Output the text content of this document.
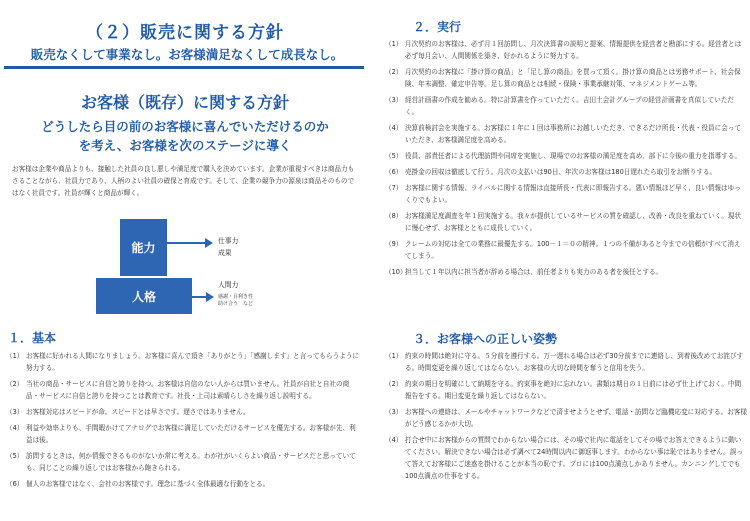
（２）販売に関する方針
販売なくして事業なし。お客様満足なくして成長なし。
お客様（既存）に関する方針
どうしたら目の前のお客様に喜んでいただけるのか
を考え、お客様を次のステージに導く
お客様は企業や商品よりも、接触した社員の良し悪しや満足度で購入を決めています。企業が重視すべきは商品力もさることながら、社員力であり、人柄のよい社員の確保と育成です。そして、企業の競争力の源泉は商品そのものではなく社員です。社員が輝くと商品が輝く。
能力
人格
仕事力
成果
人間力
感謝・目利き性
助け合う　など
１．基本
（1） お客様に好かれる人間になりましょう。お客様に喜んで頂き「ありがとう」「感謝します」と言ってもらうように努力する。
（2） 当社の商品・サービスに自信と誇りを持つ。お客様は自信のない人からは買いません。社員が自社と自社の商品・サービスに自信と誇りを持つことは教育です。社長・上司は素晴らしさを繰り返し説明する。
（3） お客様対応はスピードが命。スピードとは早さです。遅さではありません。
（4） 利益や効率よりも、手間暇かけてアナログでお客様に満足していただけるサービスを優先する。お客様が先、利益は後。
（5） 訪問するときは、何か情報できるものがないか常に考える。わが社がいくらよい商品・サービスだと思っていても、同じことの繰り返しではお客様から飽きられる。
（6） 個人のお客様ではなく、会社のお客様です。理念に基づく全体最適な行動をとる。
２．実行
（1） 月次契約のお客様は、必ず月１回訪問し、月次決算書の説明と提案、情報提供を経営者と勘部にする。経営者とは必ず毎月会い、人間関係を築き、好かれるように努力する。
（2） 月次契約のお客様に「掛け算の商品」と「足し算の商品」を買って頂く。掛け算の商品とは労務サポート、社会保険、年末調整、確定申告等。足し算の商品とは相続・保険・事業承継対策、マネジメントゲーム等。
（3） 経営計画書の作成を勧める。特に計算書を作っていただく。吉田土会計グループの経営計画書を真似していただく。
（4） 決算前検討会を実施する。お客様に１年に１回は事務所にお越しいただき、できるだけ所長・代表・役員に会っていただき、お客様満足度を高める。
（5） 役員、部責任者による代理訪問や同席を実施し、現場でのお客様の満足度を高め、部下に今後の重力を指導する。
（6） 売掛金の回収は徹底して行う。月次の支払いは90日、年次のお客様は180日遅れたら取引をお断りする。
（7） お客様に関する情報、ライバルに関する情報は直接所長・代表に即報告する。悪い情報ほど早く、良い情報はゆっくりでもよい。
（8） お客様満足度調査を年１回実施する。我々が提供しているサービスの質を確認し、改善・改良を重ねていく。現状に慢心せず、お客様とともに成長していく。
（9） クレームの対応は全ての業務に最優先する。100－１＝０の精神。１つの不備があると今までの信頼がすべて消えてしまう。
（10）
担当して１年以内に担当者が辞める場合は、前任者よりも実力のある者を後任とする。
３．お客様への正しい姿勢
（1） 約束の時間は絶対に守る。５分前を遵行する。万一遅れる場合は必ず30分前までに連絡し、到着後改めてお詫びする。時間変更を繰り返してはならない。お客様の大切な時間を奪うと信用を失う。
（2） 約束の期日を明確にして納期を守る。約束事を絶対に忘れない。書類は期日の１日前には必ず仕上げておく。中間報告をする。期日変更を繰り返してはならない。
（3） お客様への連絡は、メールやチャットワークなどで済ませようとせず、電話・訪問など臨機応変に対応する。お客様がどう感じるかが大切。
（4） 打合せ中にお客様からの質問でわからない場合には、その場で社内に電話をしてその場でお答えできるように動いてください。解決できない場合は必ず調べて24時間以内に御返事します。わからない事は恥ではありません。誤って答えてお客様にご迷惑を掛けることが本当の恥です。プロには100点満点しかありません。カンニングしてでも100点満点の仕事をする。
